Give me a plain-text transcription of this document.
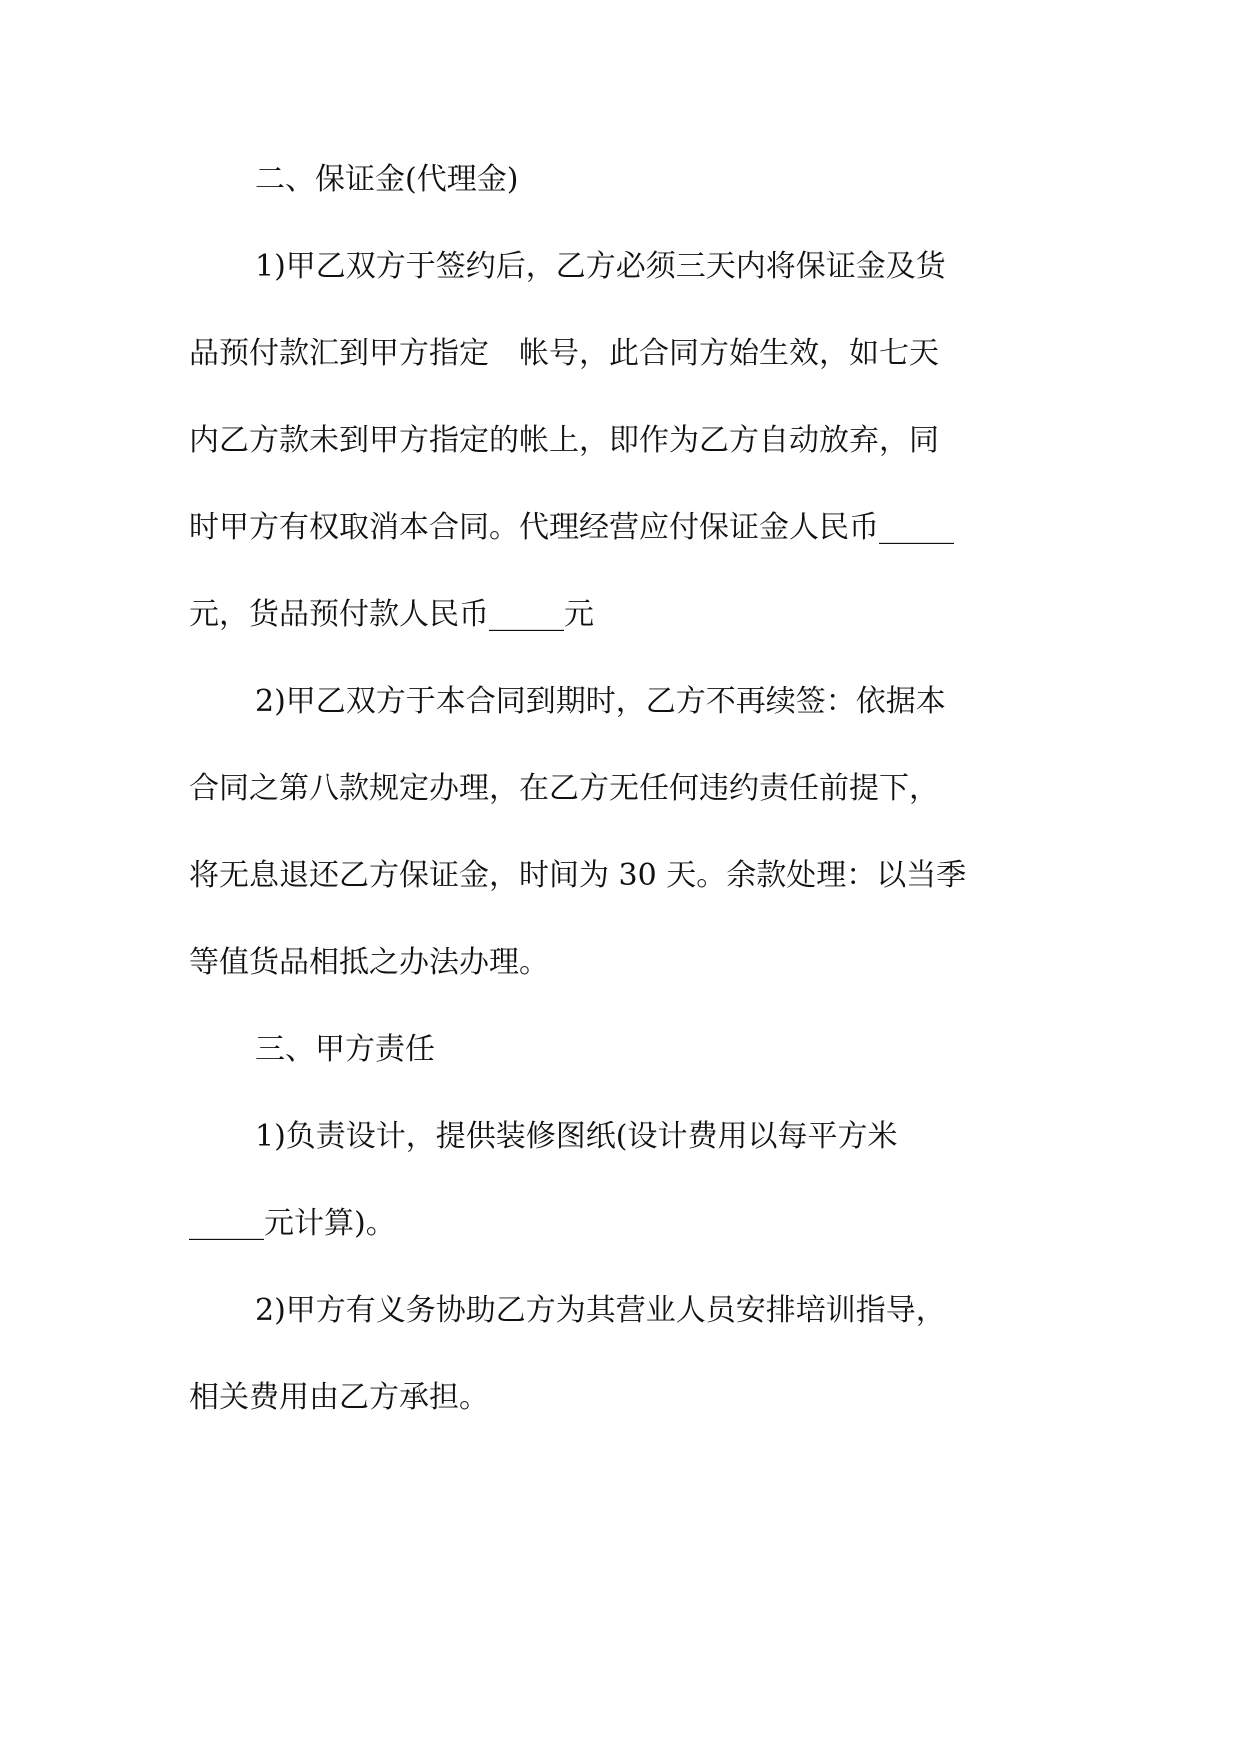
二、保证金(代理金)

1)甲乙双方于签约后，乙方必须三天内将保证金及货

品预付款汇到甲方指定　帐号，此合同方始生效，如七天

内乙方款未到甲方指定的帐上，即作为乙方自动放弃，同

时甲方有权取消本合同。代理经营应付保证金人民币_____

元，货品预付款人民币_____元

2)甲乙双方于本合同到期时，乙方不再续签：依据本

合同之第八款规定办理，在乙方无任何违约责任前提下，

将无息退还乙方保证金，时间为 30 天。余款处理：以当季

等值货品相抵之办法办理。

三、甲方责任

1)负责设计，提供装修图纸(设计费用以每平方米

_____元计算)。

2)甲方有义务协助乙方为其营业人员安排培训指导，

相关费用由乙方承担。
